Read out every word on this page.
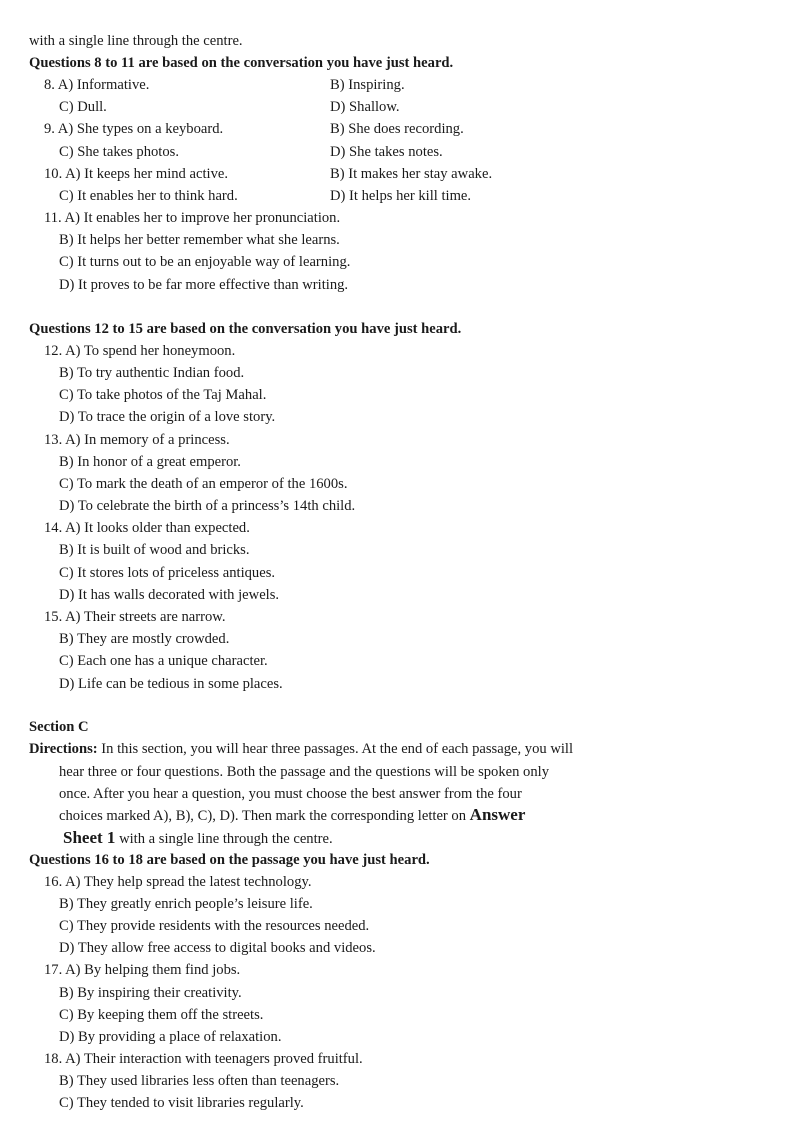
with a single line through the centre.
Questions 8 to 11 are based on the conversation you have just heard.
8. A) Informative.	B) Inspiring.
C) Dull.	D) Shallow.
9. A) She types on a keyboard.	B) She does recording.
C) She takes photos.	D) She takes notes.
10. A) It keeps her mind active.	B) It makes her stay awake.
C) It enables her to think hard.	D) It helps her kill time.
11. A) It enables her to improve her pronunciation.
B) It helps her better remember what she learns.
C) It turns out to be an enjoyable way of learning.
D) It proves to be far more effective than writing.
Questions 12 to 15 are based on the conversation you have just heard.
12. A) To spend her honeymoon.
B) To try authentic Indian food.
C) To take photos of the Taj Mahal.
D) To trace the origin of a love story.
13. A) In memory of a princess.
B) In honor of a great emperor.
C) To mark the death of an emperor of the 1600s.
D) To celebrate the birth of a princess’s 14th child.
14. A) It looks older than expected.
B) It is built of wood and bricks.
C) It stores lots of priceless antiques.
D) It has walls decorated with jewels.
15. A) Their streets are narrow.
B) They are mostly crowded.
C) Each one has a unique character.
D) Life can be tedious in some places.
Section C
Directions: In this section, you will hear three passages. At the end of each passage, you will
hear three or four questions. Both the passage and the questions will be spoken only
once. After you hear a question, you must choose the best answer from the four
choices marked A), B), C), D). Then mark the corresponding letter on Answer
Sheet 1 with a single line through the centre.
Questions 16 to 18 are based on the passage you have just heard.
16. A) They help spread the latest technology.
B) They greatly enrich people’s leisure life.
C) They provide residents with the resources needed.
D) They allow free access to digital books and videos.
17. A) By helping them find jobs.
B) By inspiring their creativity.
C) By keeping them off the streets.
D) By providing a place of relaxation.
18. A) Their interaction with teenagers proved fruitful.
B) They used libraries less often than teenagers.
C) They tended to visit libraries regularly.
